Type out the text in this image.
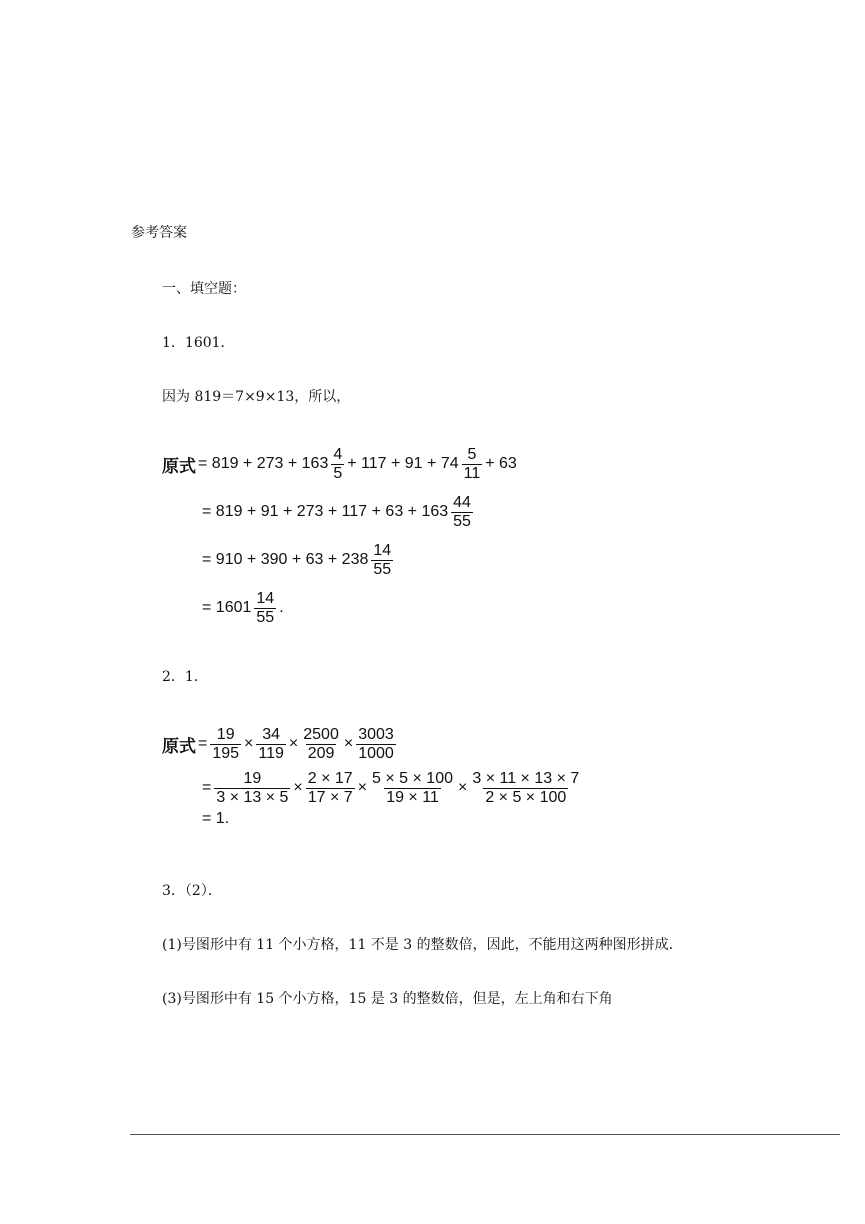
参考答案
一、填空题：
1．1601．
因为 819＝7×9×13，所以，
原式 = $819 + 273 + 163 \frac{4}{5} + 117 + 91 + 74 \frac{5}{11} + 63$
= $819 + 91 + 273 + 117 + 63 + 163 \frac{44}{55}$
= $910 + 390 + 63 + 238 \frac{14}{55}$
= $1601 \frac{14}{55}$ .
2．1．
原式 = $\frac{19}{195} \times \frac{34}{119} \times \frac{2500}{209} \times \frac{3003}{1000}$
= $\frac{19}{3 \times 13 \times 5} \times \frac{2 \times 17}{17 \times 7} \times \frac{5 \times 5 \times 100}{19 \times 11} \times \frac{3 \times 11 \times 13 \times 7}{2 \times 5 \times 100}$
= 1.
3．（2）．
(1)号图形中有 11 个小方格，11 不是 3 的整数倍，因此，不能用这两种图形拼成．
(3)号图形中有 15 个小方格，15 是 3 的整数倍，但是，左上角和右下角
